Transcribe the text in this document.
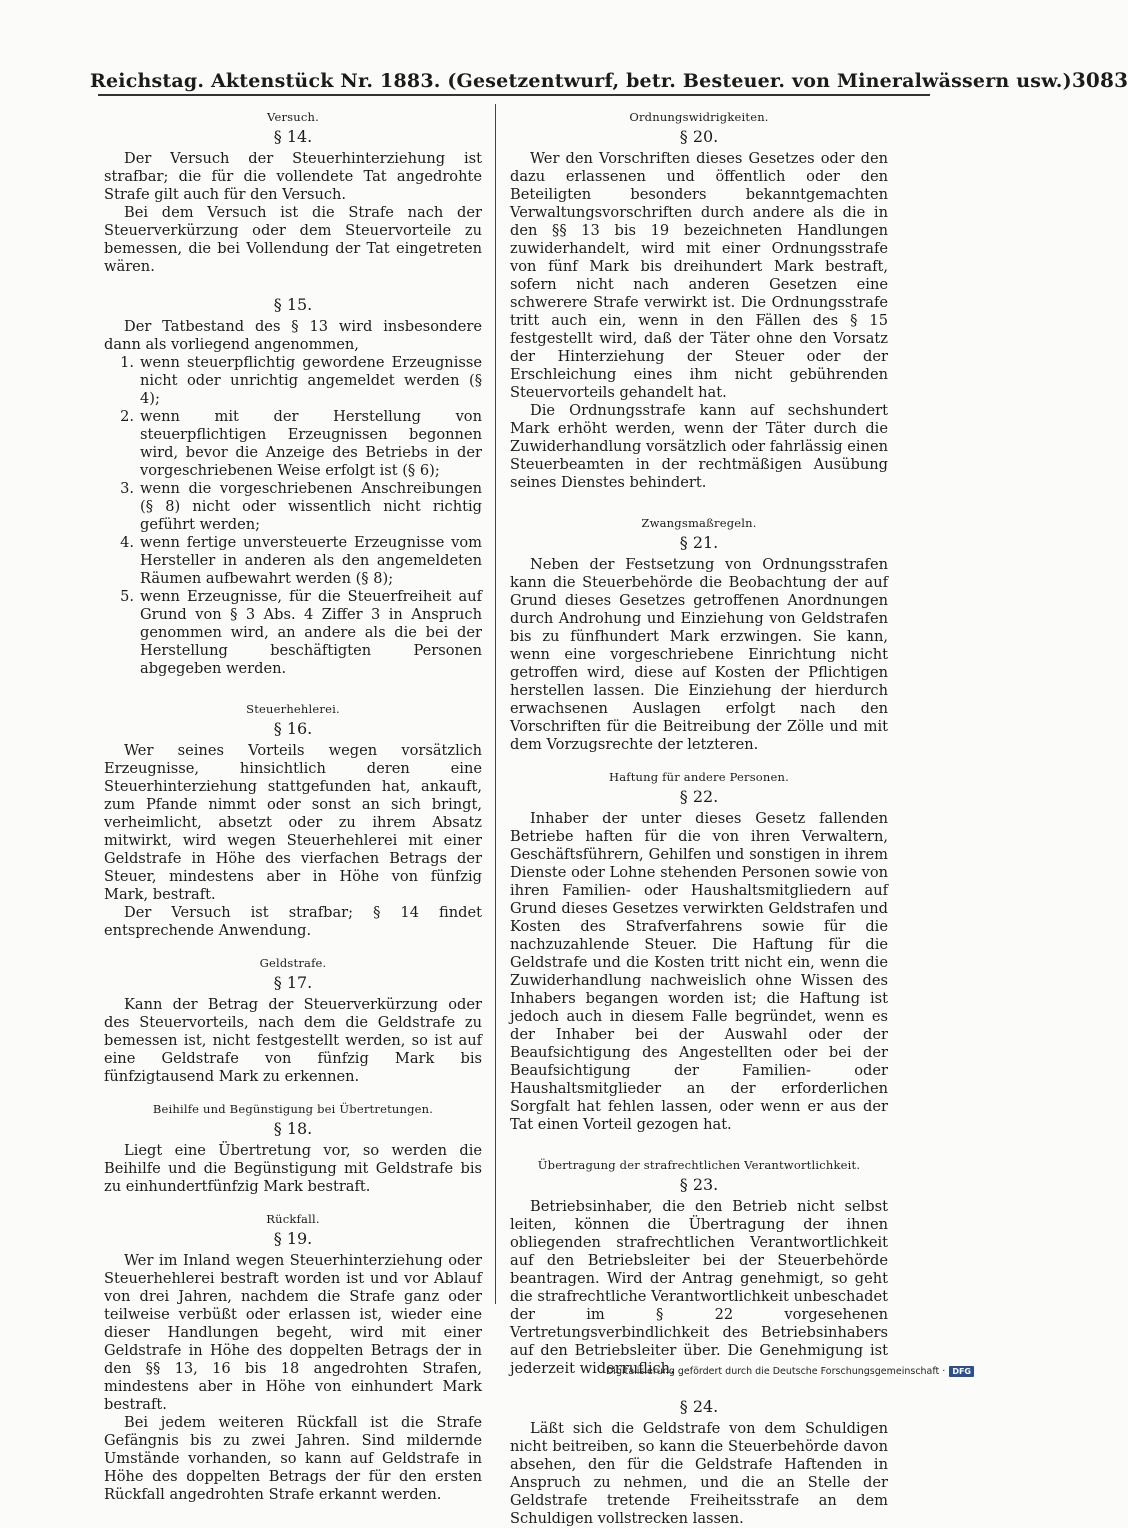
Reichstag. Aktenstück Nr. 1883. (Gesetzentwurf, betr. Besteuer. von Mineralwässern usw.) 3083
Versuch.
§ 14.

Der Versuch der Steuerhinterziehung ist strafbar; die für die vollendete Tat angedrohte Strafe gilt auch für den Versuch.

Bei dem Versuch ist die Strafe nach der Steuerverkürzung oder dem Steuervorteile zu bemessen, die bei Vollendung der Tat eingetreten wären.

§ 15.

Der Tatbestand des § 13 wird insbesondere dann als vorliegend angenommen,

1. wenn steuerpflichtig gewordene Erzeugnisse nicht oder unrichtig angemeldet werden (§ 4);
2. wenn mit der Herstellung von steuerpflichtigen Erzeugnissen begonnen wird, bevor die Anzeige des Betriebs in der vorgeschriebenen Weise erfolgt ist (§ 6);
3. wenn die vorgeschriebenen Anschreibungen (§ 8) nicht oder wissentlich nicht richtig geführt werden;
4. wenn fertige unversteuerte Erzeugnisse vom Hersteller in anderen als den angemeldeten Räumen aufbewahrt werden (§ 8);
5. wenn Erzeugnisse, für die Steuerfreiheit auf Grund von § 3 Abs. 4 Ziffer 3 in Anspruch genommen wird, an andere als die bei der Herstellung beschäftigten Personen abgegeben werden.
Steuerhehlerei.
§ 16.

Wer seines Vorteils wegen vorsätzlich Erzeugnisse, hinsichtlich deren eine Steuerhinterziehung stattgefunden hat, ankauft, zum Pfande nimmt oder sonst an sich bringt, verheimlicht, absetzt oder zu ihrem Absatz mitwirkt, wird wegen Steuerhehlerei mit einer Geldstrafe in Höhe des vierfachen Betrags der Steuer, mindestens aber in Höhe von fünfzig Mark, bestraft.

Der Versuch ist strafbar; § 14 findet entsprechende Anwendung.

Geldstrafe.
§ 17.

Kann der Betrag der Steuerverkürzung oder des Steuervorteils, nach dem die Geldstrafe zu bemessen ist, nicht festgestellt werden, so ist auf eine Geldstrafe von fünfzig Mark bis fünfzigtausend Mark zu erkennen.

Beihilfe und Begünstigung bei Übertretungen.
§ 18.

Liegt eine Übertretung vor, so werden die Beihilfe und die Begünstigung mit Geldstrafe bis zu einhundertfünfzig Mark bestraft.

Rückfall.
§ 19.

Wer im Inland wegen Steuerhinterziehung oder Steuerhehlerei bestraft worden ist und vor Ablauf von drei Jahren, nachdem die Strafe ganz oder teilweise verbüßt oder erlassen ist, wieder eine dieser Handlungen begeht, wird mit einer Geldstrafe in Höhe des doppelten Betrags der in den §§ 13, 16 bis 18 angedrohten Strafen, mindestens aber in Höhe von einhundert Mark bestraft.

Bei jedem weiteren Rückfall ist die Strafe Gefängnis bis zu zwei Jahren. Sind mildernde Umstände vorhanden, so kann auf Geldstrafe in Höhe des doppelten Betrags der für den ersten Rückfall angedrohten Strafe erkannt werden.

Ordnungswidrigkeiten.
§ 20.

Wer den Vorschriften dieses Gesetzes oder den dazu erlassenen und öffentlich oder den Beteiligten besonders bekanntgemachten Verwaltungsvorschriften durch andere als die in den §§ 13 bis 19 bezeichneten Handlungen zuwiderhandelt, wird mit einer Ordnungsstrafe von fünf Mark bis dreihundert Mark bestraft, sofern nicht nach anderen Gesetzen eine schwerere Strafe verwirkt ist. Die Ordnungsstrafe tritt auch ein, wenn in den Fällen des § 15 festgestellt wird, daß der Täter ohne den Vorsatz der Hinterziehung der Steuer oder der Erschleichung eines ihm nicht gebührenden Steuervorteils gehandelt hat.

Die Ordnungsstrafe kann auf sechshundert Mark erhöht werden, wenn der Täter durch die Zuwiderhandlung vorsätzlich oder fahrlässig einen Steuerbeamten in der rechtmäßigen Ausübung seines Dienstes behindert.

Zwangsmaßregeln.
§ 21.

Neben der Festsetzung von Ordnungsstrafen kann die Steuerbehörde die Beobachtung der auf Grund dieses Gesetzes getroffenen Anordnungen durch Androhung und Einziehung von Geldstrafen bis zu fünfhundert Mark erzwingen. Sie kann, wenn eine vorgeschriebene Einrichtung nicht getroffen wird, diese auf Kosten der Pflichtigen herstellen lassen. Die Einziehung der hierdurch erwachsenen Auslagen erfolgt nach den Vorschriften für die Beitreibung der Zölle und mit dem Vorzugsrechte der letzteren.

Haftung für andere Personen.
§ 22.

Inhaber der unter dieses Gesetz fallenden Betriebe haften für die von ihren Verwaltern, Geschäftsführern, Gehilfen und sonstigen in ihrem Dienste oder Lohne stehenden Personen sowie von ihren Familien- oder Haushaltsmitgliedern auf Grund dieses Gesetzes verwirkten Geldstrafen und Kosten des Strafverfahrens sowie für die nachzuzahlende Steuer. Die Haftung für die Geldstrafe und die Kosten tritt nicht ein, wenn die Zuwiderhandlung nachweislich ohne Wissen des Inhabers begangen worden ist; die Haftung ist jedoch auch in diesem Falle begründet, wenn es der Inhaber bei der Auswahl oder der Beaufsichtigung des Angestellten oder bei der Beaufsichtigung der Familien- oder Haushaltsmitglieder an der erforderlichen Sorgfalt hat fehlen lassen, oder wenn er aus der Tat einen Vorteil gezogen hat.

Übertragung der strafrechtlichen Verantwortlichkeit.
§ 23.

Betriebsinhaber, die den Betrieb nicht selbst leiten, können die Übertragung der ihnen obliegenden strafrechtlichen Verantwortlichkeit auf den Betriebsleiter bei der Steuerbehörde beantragen. Wird der Antrag genehmigt, so geht die strafrechtliche Verantwortlichkeit unbeschadet der im § 22 vorgesehenen Vertretungsverbindlichkeit des Betriebsinhabers auf den Betriebsleiter über. Die Genehmigung ist jederzeit widerruflich.

§ 24.

Läßt sich die Geldstrafe von dem Schuldigen nicht beitreiben, so kann die Steuerbehörde davon absehen, den für die Geldstrafe Haftenden in Anspruch zu nehmen, und die an Stelle der Geldstrafe tretende Freiheitsstrafe an dem Schuldigen vollstrecken lassen.

Digitalisierung gefördert durch die Deutsche Forschungsgemeinschaft · DFG
